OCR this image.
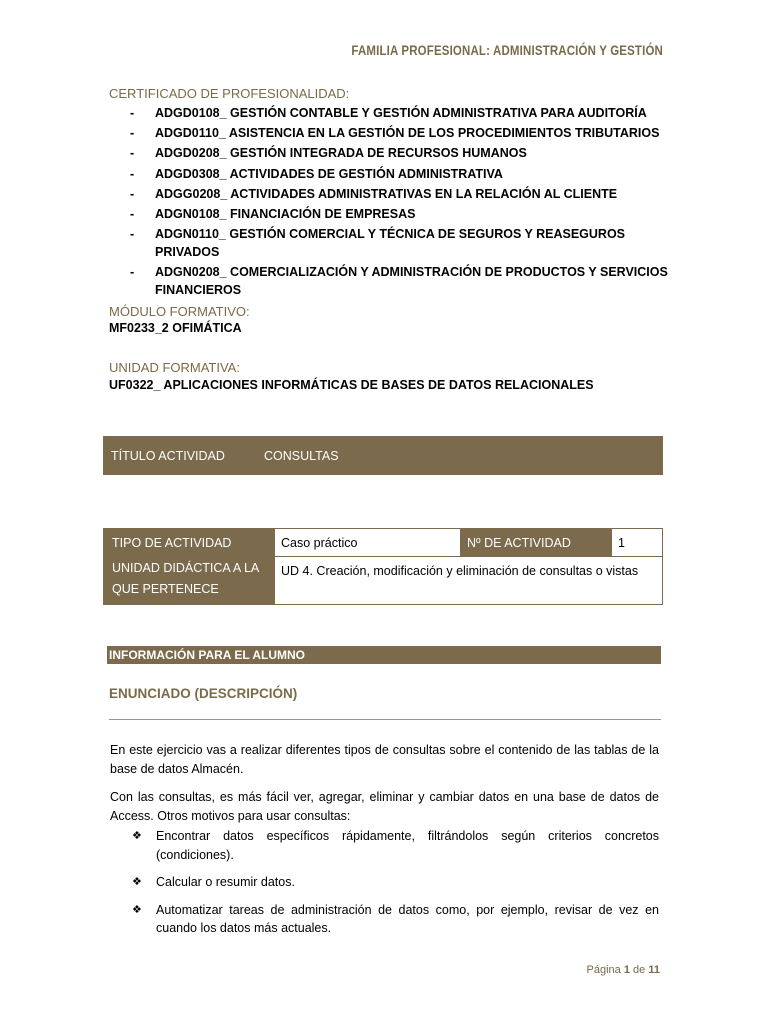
FAMILIA PROFESIONAL: ADMINISTRACIÓN Y GESTIÓN
CERTIFICADO DE PROFESIONALIDAD:
- ADGD0108_ GESTIÓN CONTABLE Y GESTIÓN ADMINISTRATIVA PARA AUDITORÍA
- ADGD0110_ ASISTENCIA EN LA GESTIÓN DE LOS PROCEDIMIENTOS TRIBUTARIOS
- ADGD0208_ GESTIÓN INTEGRADA DE RECURSOS HUMANOS
- ADGD0308_ ACTIVIDADES DE GESTIÓN ADMINISTRATIVA
- ADGG0208_ ACTIVIDADES ADMINISTRATIVAS EN LA RELACIÓN AL CLIENTE
- ADGN0108_ FINANCIACIÓN DE EMPRESAS
- ADGN0110_ GESTIÓN COMERCIAL Y TÉCNICA DE SEGUROS Y REASEGUROS PRIVADOS
- ADGN0208_ COMERCIALIZACIÓN Y ADMINISTRACIÓN DE PRODUCTOS Y SERVICIOS FINANCIEROS
MÓDULO FORMATIVO:
MF0233_2 OFIMÁTICA
UNIDAD FORMATIVA:
UF0322_ APLICACIONES INFORMÁTICAS DE BASES DE DATOS RELACIONALES
TÍTULO ACTIVIDAD	CONSULTAS
TIPO DE ACTIVIDAD	Caso práctico	Nº DE ACTIVIDAD	1
UNIDAD DIDÁCTICA A LA QUE PERTENECE	UD 4. Creación, modificación y eliminación de consultas o vistas		
INFORMACIÓN PARA EL ALUMNO
ENUNCIADO (DESCRIPCIÓN)
En este ejercicio vas a realizar diferentes tipos de consultas sobre el contenido de las tablas de la base de datos Almacén.
Con las consultas, es más fácil ver, agregar, eliminar y cambiar datos en una base de datos de Access. Otros motivos para usar consultas:
❖ Encontrar datos específicos rápidamente, filtrándolos según criterios concretos (condiciones).
❖ Calcular o resumir datos.
❖ Automatizar tareas de administración de datos como, por ejemplo, revisar de vez en cuando los datos más actuales.
Página 1 de 11
